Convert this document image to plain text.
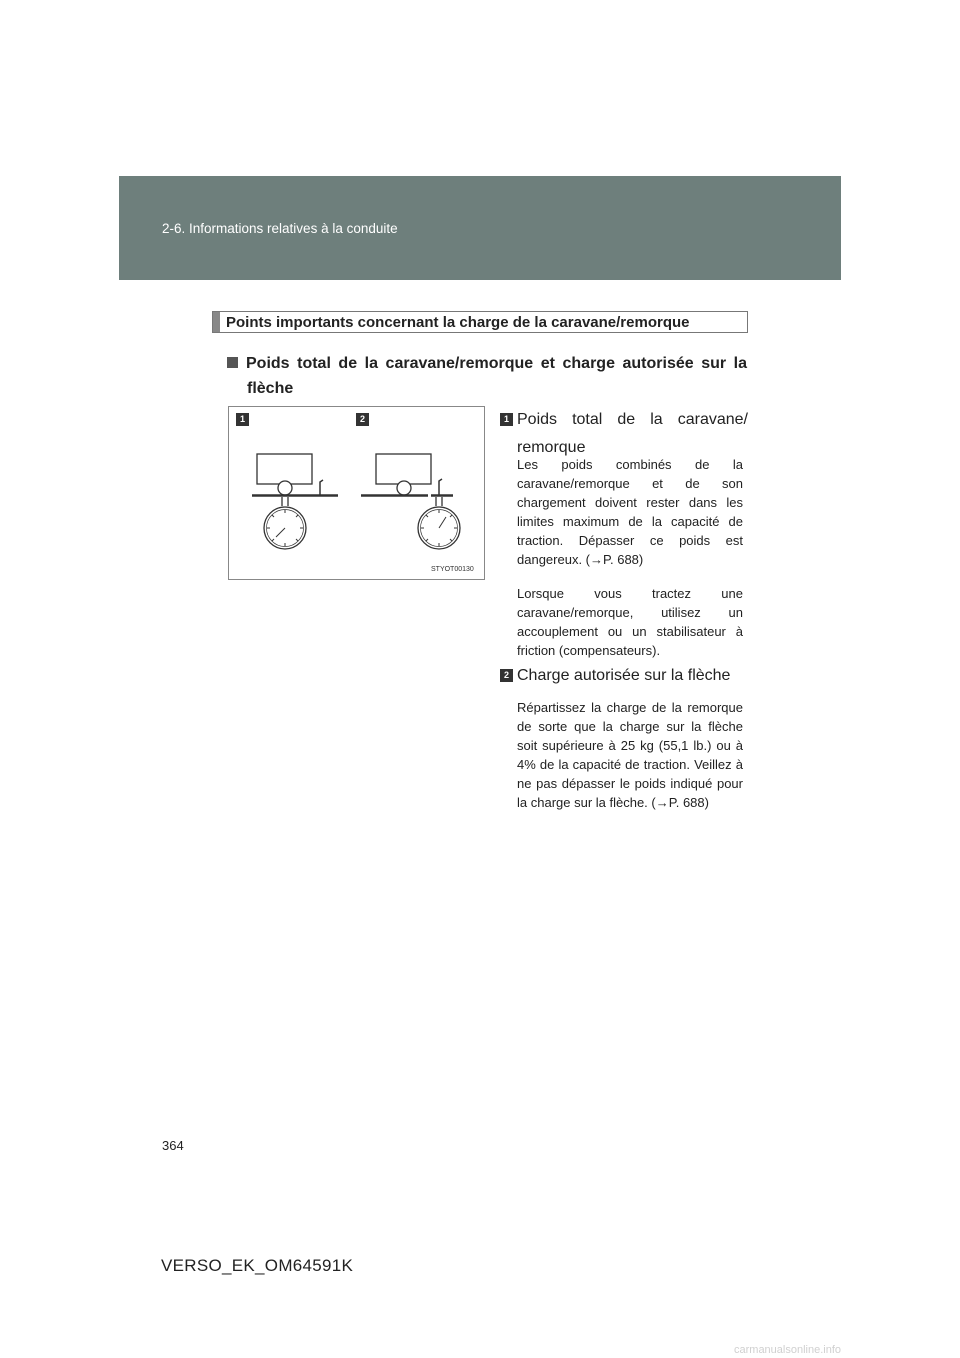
2-6. Informations relatives à la conduite
Points importants concernant la charge de la caravane/remorque
Poids total de la caravane/remorque et charge autorisée sur la
flèche
1	2
STYOT00130
1 Poids total de la caravane/
remorque
Les poids combinés de la caravane/remorque et de son chargement doivent rester dans les limites maximum de la capacité de traction. Dépasser ce poids est dangereux. (→P. 688)
Lorsque vous tractez une caravane/remorque, utilisez un accouplement ou un stabilisateur à friction (compensateurs).
2 Charge autorisée sur la flèche
Répartissez la charge de la remorque de sorte que la charge sur la flèche soit supérieure à 25 kg (55,1 lb.) ou à 4% de la capacité de traction. Veillez à ne pas dépasser le poids indiqué pour la charge sur la flèche. (→P. 688)
364
VERSO_EK_OM64591K
carmanualsonline.info
